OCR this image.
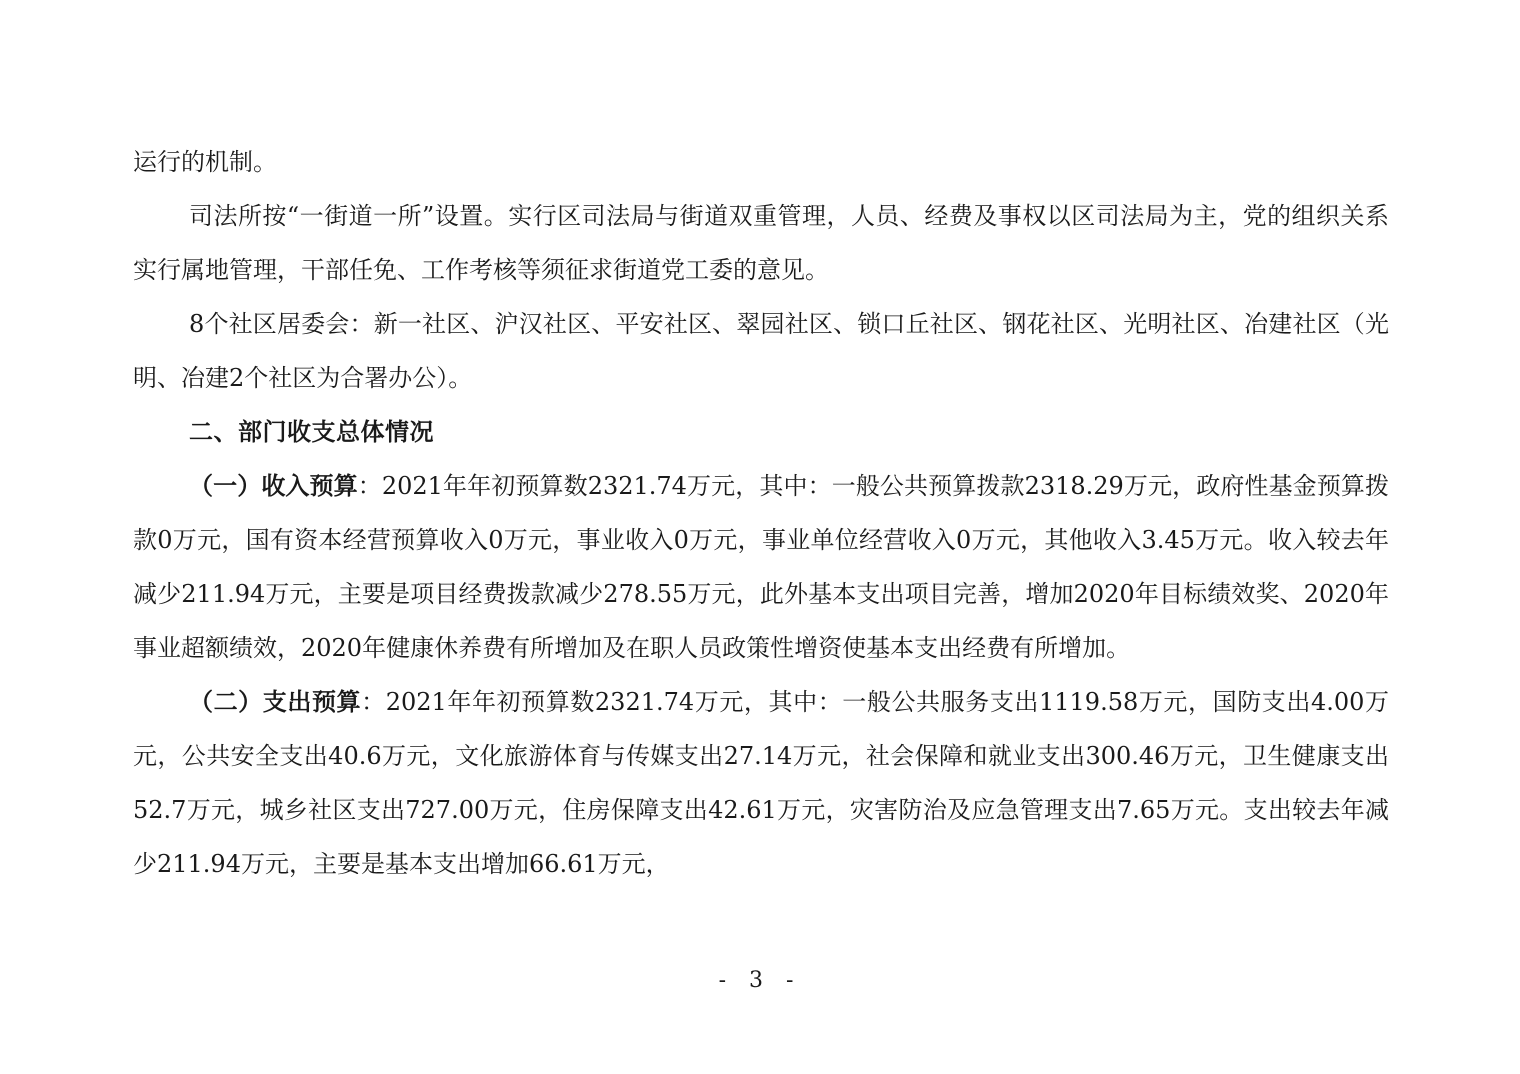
运行的机制。

司法所按“一街道一所”设置。实行区司法局与街道双重管理，人员、经费及事权以区司法局为主，党的组织关系实行属地管理，干部任免、工作考核等须征求街道党工委的意见。

8个社区居委会：新一社区、沪汉社区、平安社区、翠园社区、锁口丘社区、钢花社区、光明社区、冶建社区（光明、冶建2个社区为合署办公）。

二、部门收支总体情况

（一）收入预算：2021年年初预算数2321.74万元，其中：一般公共预算拨款2318.29万元，政府性基金预算拨款0万元，国有资本经营预算收入0万元，事业收入0万元，事业单位经营收入0万元，其他收入3.45万元。收入较去年减少211.94万元，主要是项目经费拨款减少278.55万元，此外基本支出项目完善，增加2020年目标绩效奖、2020年事业超额绩效，2020年健康休养费有所增加及在职人员政策性增资使基本支出经费有所增加。

（二）支出预算：2021年年初预算数2321.74万元，其中：一般公共服务支出1119.58万元，国防支出4.00万元，公共安全支出40.6万元，文化旅游体育与传媒支出27.14万元，社会保障和就业支出300.46万元，卫生健康支出52.7万元，城乡社区支出727.00万元，住房保障支出42.61万元，灾害防治及应急管理支出7.65万元。支出较去年减少211.94万元，主要是基本支出增加66.61万元，

- 3 -
